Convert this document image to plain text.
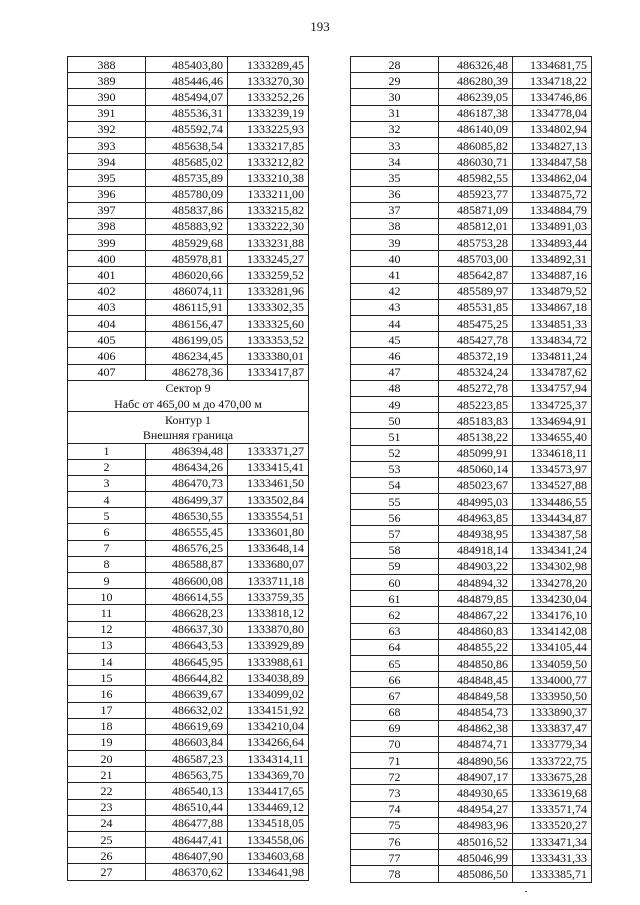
193
388	485403,80	1333289,45
389	485446,46	1333270,30
390	485494,07	1333252,26
391	485536,31	1333239,19
392	485592,74	1333225,93
393	485638,54	1333217,85
394	485685,02	1333212,82
395	485735,89	1333210,38
396	485780,09	1333211,00
397	485837,86	1333215,82
398	485883,92	1333222,30
399	485929,68	1333231,88
400	485978,81	1333245,27
401	486020,66	1333259,52
402	486074,11	1333281,96
403	486115,91	1333302,35
404	486156,47	1333325,60
405	486199,05	1333353,52
406	486234,45	1333380,01
407	486278,36	1333417,87
Сектор 9		
Набс от 465,00 м до 470,00 м		
Контур 1		
Внешняя граница		
1	486394,48	1333371,27
2	486434,26	1333415,41
3	486470,73	1333461,50
4	486499,37	1333502,84
5	486530,55	1333554,51
6	486555,45	1333601,80
7	486576,25	1333648,14
8	486588,87	1333680,07
9	486600,08	1333711,18
10	486614,55	1333759,35
11	486628,23	1333818,12
12	486637,30	1333870,80
13	486643,53	1333929,89
14	486645,95	1333988,61
15	486644,82	1334038,89
16	486639,67	1334099,02
17	486632,02	1334151,92
18	486619,69	1334210,04
19	486603,84	1334266,64
20	486587,23	1334314,11
21	486563,75	1334369,70
22	486540,13	1334417,65
23	486510,44	1334469,12
24	486477,88	1334518,05
25	486447,41	1334558,06
26	486407,90	1334603,68
27	486370,62	1334641,98
28	486326,48	1334681,75
29	486280,39	1334718,22
30	486239,05	1334746,86
31	486187,38	1334778,04
32	486140,09	1334802,94
33	486085,82	1334827,13
34	486030,71	1334847,58
35	485982,55	1334862,04
36	485923,77	1334875,72
37	485871,09	1334884,79
38	485812,01	1334891,03
39	485753,28	1334893,44
40	485703,00	1334892,31
41	485642,87	1334887,16
42	485589,97	1334879,52
43	485531,85	1334867,18
44	485475,25	1334851,33
45	485427,78	1334834,72
46	485372,19	1334811,24
47	485324,24	1334787,62
48	485272,78	1334757,94
49	485223,85	1334725,37
50	485183,83	1334694,91
51	485138,22	1334655,40
52	485099,91	1334618,11
53	485060,14	1334573,97
54	485023,67	1334527,88
55	484995,03	1334486,55
56	484963,85	1334434,87
57	484938,95	1334387,58
58	484918,14	1334341,24
59	484903,22	1334302,98
60	484894,32	1334278,20
61	484879,85	1334230,04
62	484867,22	1334176,10
63	484860,83	1334142,08
64	484855,22	1334105,44
65	484850,86	1334059,50
66	484848,45	1334000,77
67	484849,58	1333950,50
68	484854,73	1333890,37
69	484862,38	1333837,47
70	484874,71	1333779,34
71	484890,56	1333722,75
72	484907,17	1333675,28
73	484930,65	1333619,68
74	484954,27	1333571,74
75	484983,96	1333520,27
76	485016,52	1333471,34
77	485046,99	1333431,33
78	485086,50	1333385,71
